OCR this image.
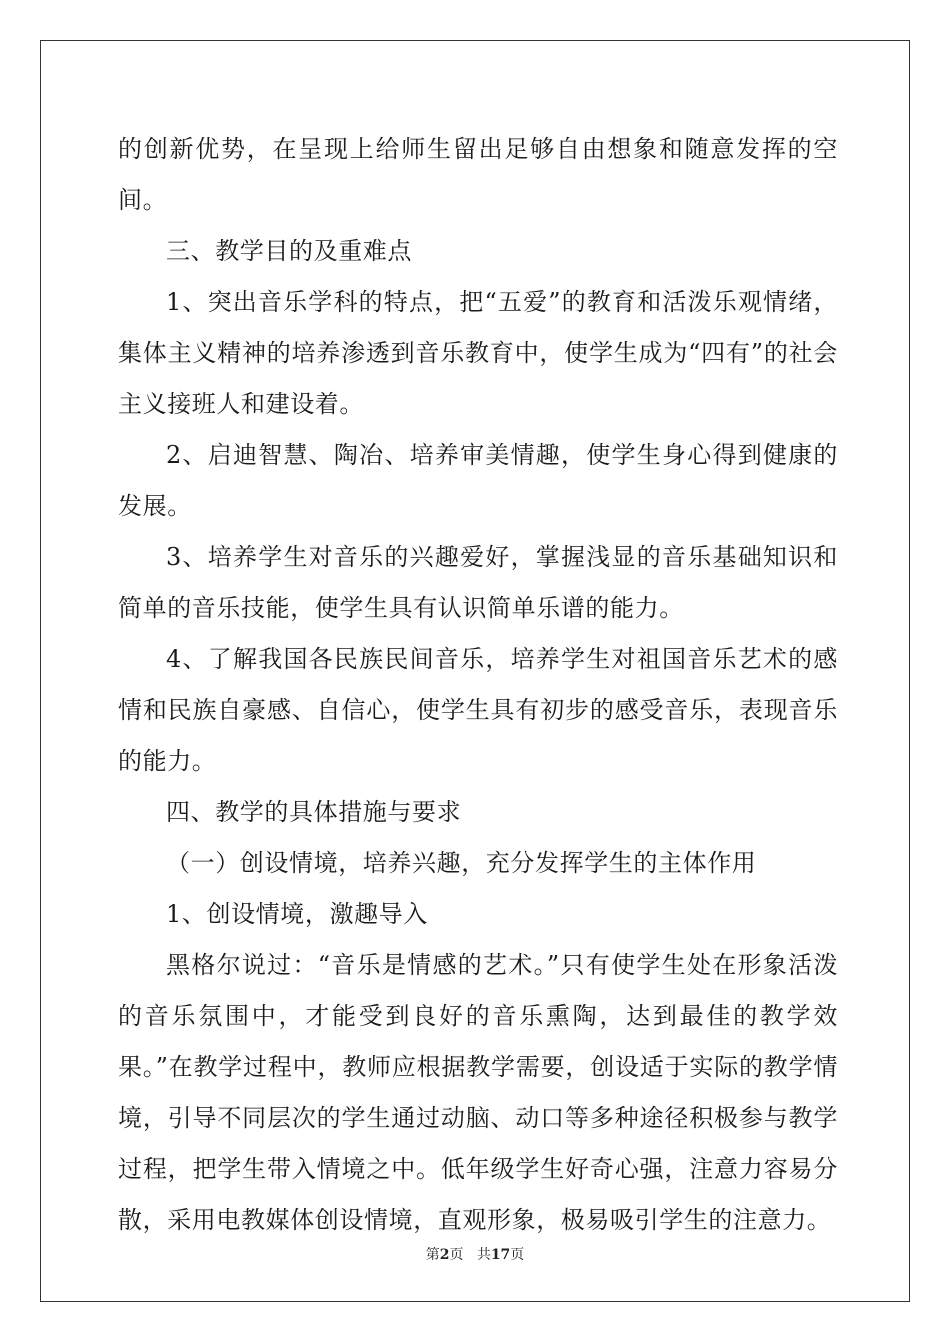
的创新优势，在呈现上给师生留出足够自由想象和随意发挥的空间。

三、教学目的及重难点

1、突出音乐学科的特点，把“五爱”的教育和活泼乐观情绪，集体主义精神的培养渗透到音乐教育中，使学生成为“四有”的社会主义接班人和建设着。

2、启迪智慧、陶冶、培养审美情趣，使学生身心得到健康的发展。

3、培养学生对音乐的兴趣爱好，掌握浅显的音乐基础知识和简单的音乐技能，使学生具有认识简单乐谱的能力。

4、了解我国各民族民间音乐，培养学生对祖国音乐艺术的感情和民族自豪感、自信心，使学生具有初步的感受音乐，表现音乐的能力。

四、教学的具体措施与要求

（一）创设情境，培养兴趣，充分发挥学生的主体作用

1、创设情境，激趣导入

黑格尔说过：“音乐是情感的艺术。”只有使学生处在形象活泼的音乐氛围中，才能受到良好的音乐熏陶，达到最佳的教学效果。”在教学过程中，教师应根据教学需要，创设适于实际的教学情境，引导不同层次的学生通过动脑、动口等多种途径积极参与教学过程，把学生带入情境之中。低年级学生好奇心强，注意力容易分散，采用电教媒体创设情境，直观形象，极易吸引学生的注意力。

第2页 共17页
